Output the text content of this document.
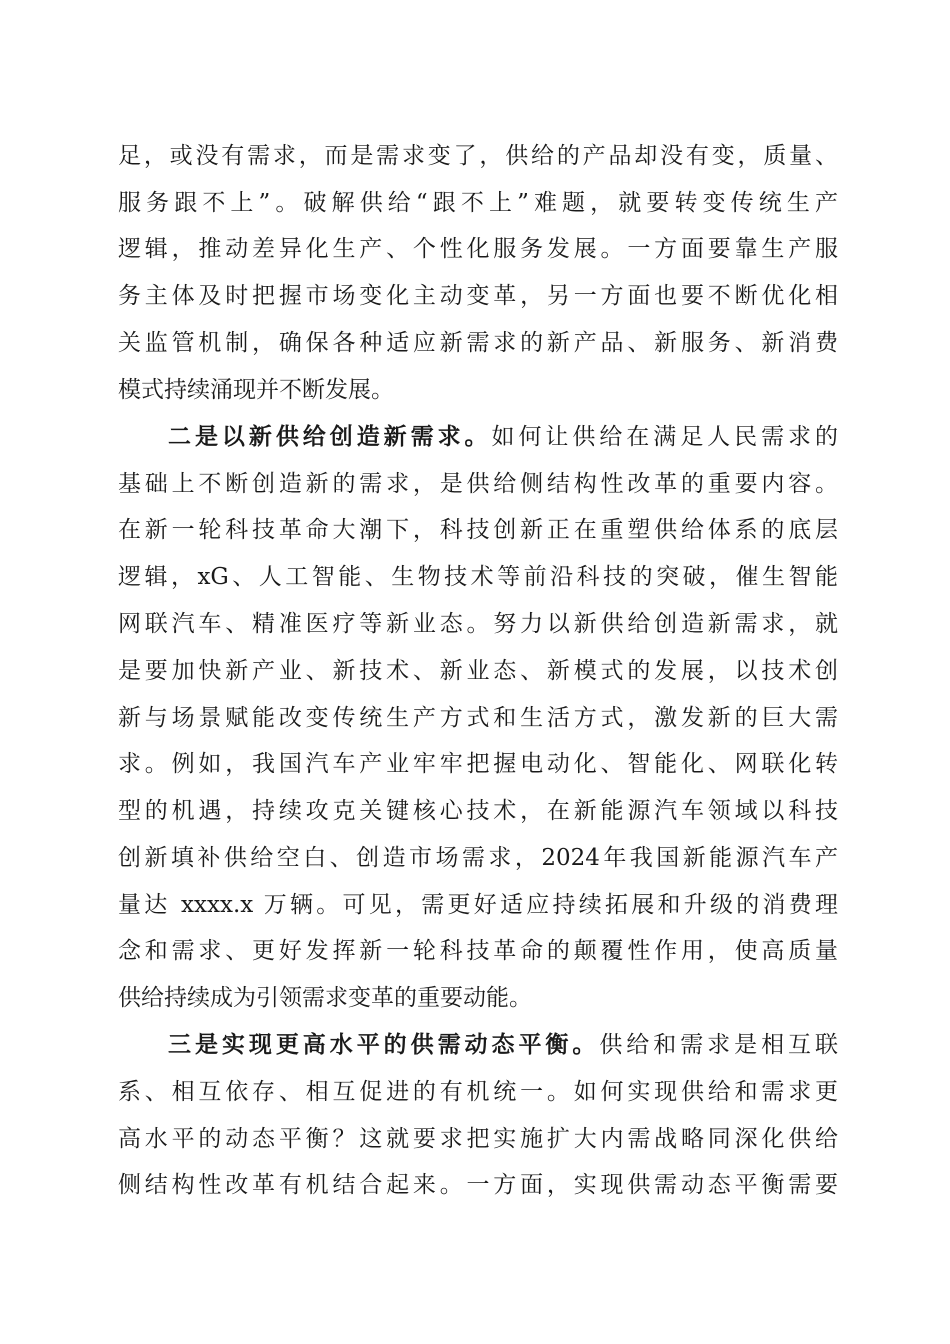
足，或没有需求，而是需求变了，供给的产品却没有变，质量、
服务跟不上”。破解供给“跟不上”难题，就要转变传统生产
逻辑，推动差异化生产、个性化服务发展。一方面要靠生产服
务主体及时把握市场变化主动变革，另一方面也要不断优化相
关监管机制，确保各种适应新需求的新产品、新服务、新消费
模式持续涌现并不断发展。
二是以新供给创造新需求。如何让供给在满足人民需求的
基础上不断创造新的需求，是供给侧结构性改革的重要内容。
在新一轮科技革命大潮下，科技创新正在重塑供给体系的底层
逻辑，xG、人工智能、生物技术等前沿科技的突破，催生智能
网联汽车、精准医疗等新业态。努力以新供给创造新需求，就
是要加快新产业、新技术、新业态、新模式的发展，以技术创
新与场景赋能改变传统生产方式和生活方式，激发新的巨大需
求。例如，我国汽车产业牢牢把握电动化、智能化、网联化转
型的机遇，持续攻克关键核心技术，在新能源汽车领域以科技
创新填补供给空白、创造市场需求，2024年我国新能源汽车产
量达 xxxx.x 万辆。可见，需更好适应持续拓展和升级的消费理
念和需求、更好发挥新一轮科技革命的颠覆性作用，使高质量
供给持续成为引领需求变革的重要动能。
三是实现更高水平的供需动态平衡。供给和需求是相互联
系、相互依存、相互促进的有机统一。如何实现供给和需求更
高水平的动态平衡？这就要求把实施扩大内需战略同深化供给
侧结构性改革有机结合起来。一方面，实现供需动态平衡需要
